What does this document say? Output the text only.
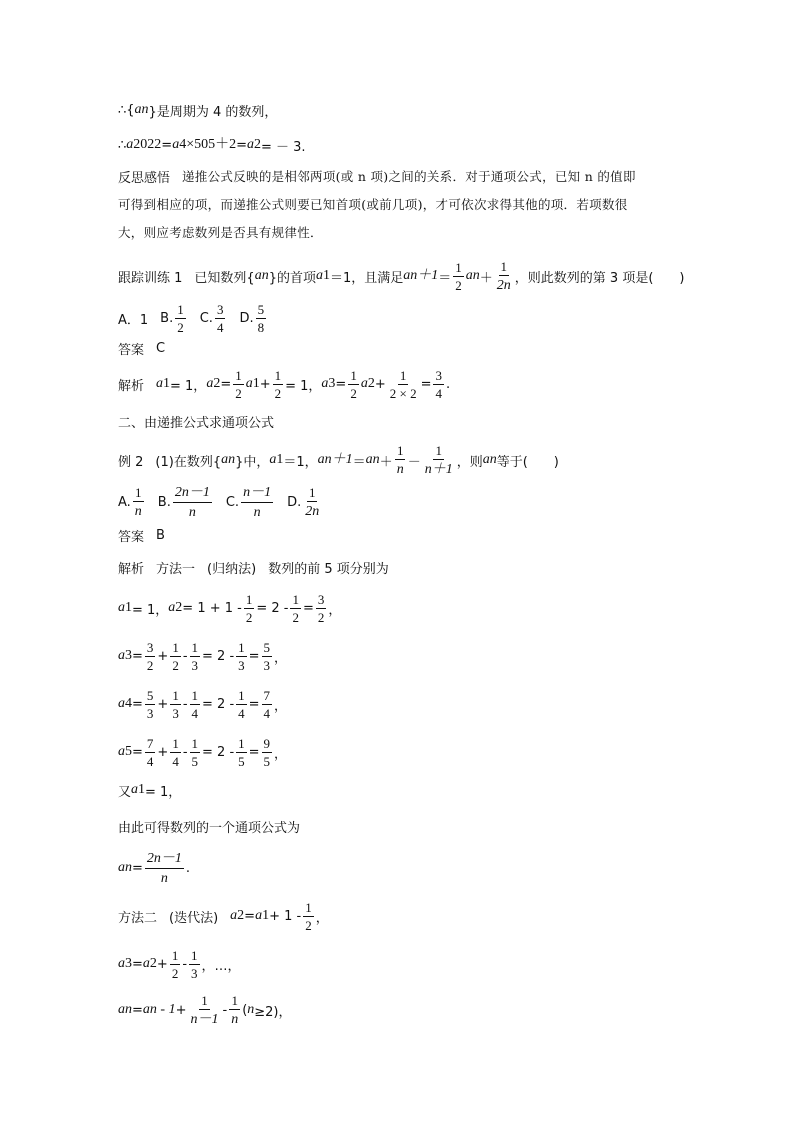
∴{ a n }是周期为 4 的数列，
∴ a 2022 = a 4×505＋2 = a 2 = － 3.
反思感悟 递推公式反映的是相邻两项(或 n 项)之间的关系．对于通项公式，已知 n 的值即
可得到相应的项，而递推公式则要已知首项(或前几项)，才可依次求得其他的项．若项数很
大，则应考虑数列是否具有规律性．
跟踪训练 1 已知数列{ a n }的首项 a 1 ＝1，且满足 a $n+1 = \frac{1}{2}$ a $n + \frac{1}{2n}$ ，则此数列的第 3 项是(　　)
A．1 B. $\frac{1}{2} C$. $\frac{3}{4} D$. $\frac{5}{8}$
答案 C
解析 a 1 = 1， a $2 = \frac{1}{2}$ a $1 + \frac{1}{2} = 1$， a $3 = \frac{1}{2}$ a $2 + \frac{1}{2 \times 2} = \frac{3}{4}$ .
二、由递推公式求通项公式
例 2 (1)在数列{ a n }中， a 1 ＝1， a n＋1 ＝ a $n + \frac{1}{n} - \frac{1}{n+1}$ ，则 a n 等于(　　)
A. $\frac{1}{n} B$. $\frac{2n-1}{n} C$. $\frac{n-1}{n} D$. $\frac{1}{2n}$
答案 B
解析 方法一 (归纳法) 数列的前 5 项分别为
a 1 = 1， a $2 = 1 + 1 - \frac{1}{2} = 2 - \frac{1}{2} = \frac{3}{2}$ ，
a $3 = \frac{3}{2} + \frac{1}{2} - \frac{1}{3} = 2 - \frac{1}{3} = \frac{5}{3}$ ，
a $4 = \frac{5}{3} + \frac{1}{3} - \frac{1}{4} = 2 - \frac{1}{4} = \frac{7}{4}$ ，
a $5 = \frac{7}{4} + \frac{1}{4} - \frac{1}{5} = 2 - \frac{1}{5} = \frac{9}{5}$ ，
又 a 1 = 1，
由此可得数列的一个通项公式为
a $n = \frac{2n-1}{n}$ .
方法二 (迭代法) a 2 = a $1 + 1 - \frac{1}{2}$ ，
a 3 = a $2 + \frac{1}{2} - \frac{1}{3}$ ，…，
a n = a $n - 1 + \frac{1}{n-1} - \frac{1}{n}$ ( n ≥2)，
